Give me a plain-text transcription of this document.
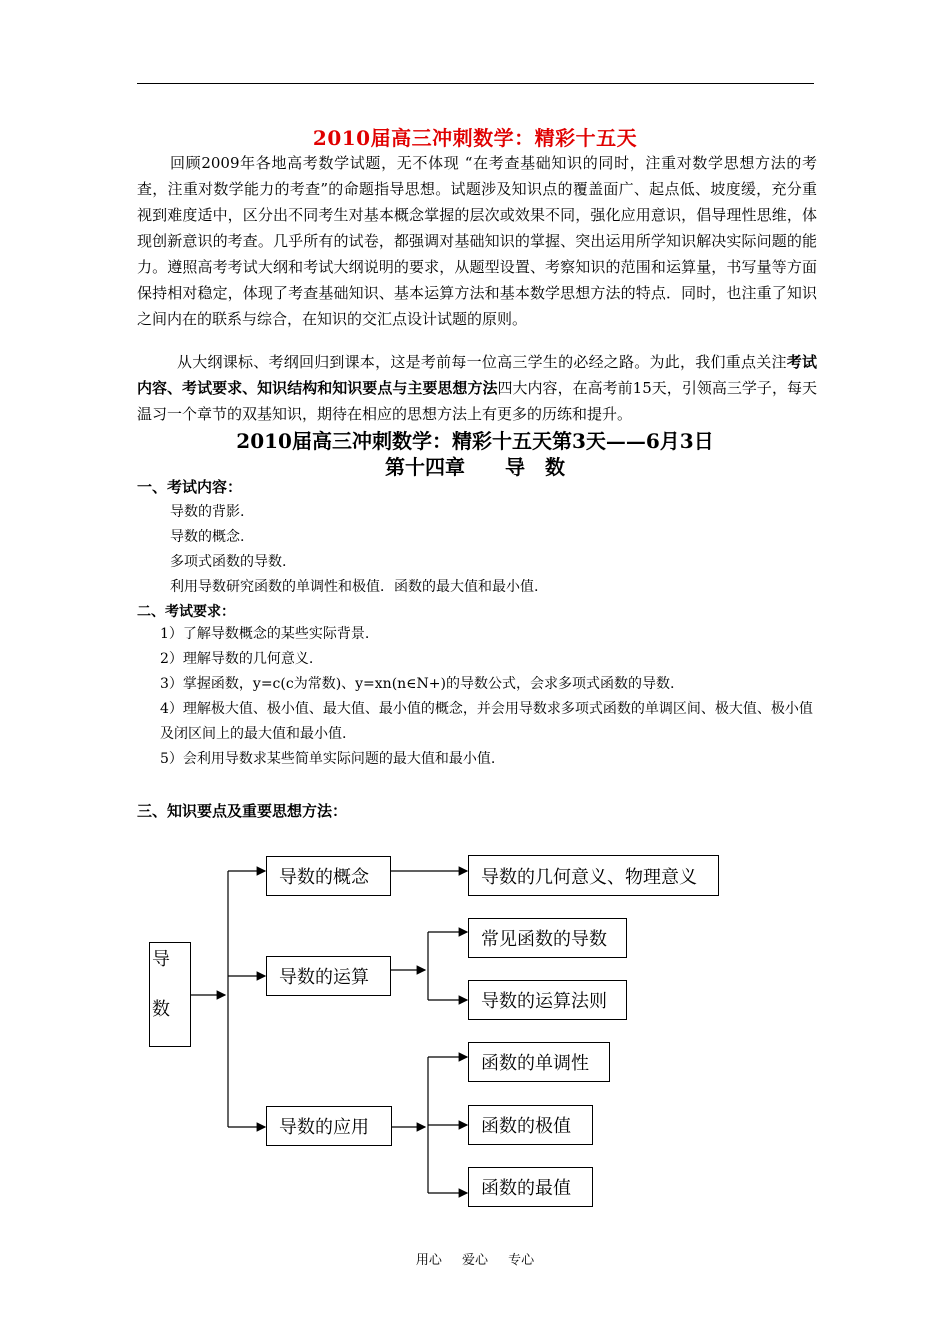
2010届高三冲刺数学：精彩十五天
回顾2009年各地高考数学试题，无不体现 “在考查基础知识的同时，注重对数学思想方法的考查，注重对数学能力的考查”的命题指导思想。试题涉及知识点的覆盖面广、起点低、坡度缓，充分重视到难度适中，区分出不同考生对基本概念掌握的层次或效果不同，强化应用意识，倡导理性思维，体现创新意识的考查。几乎所有的试卷，都强调对基础知识的掌握、突出运用所学知识解决实际问题的能力。遵照高考考试大纲和考试大纲说明的要求，从题型设置、考察知识的范围和运算量，书写量等方面保持相对稳定，体现了考查基础知识、基本运算方法和基本数学思想方法的特点．同时，也注重了知识之间内在的联系与综合，在知识的交汇点设计试题的原则。
从大纲课标、考纲回归到课本，这是考前每一位高三学生的必经之路。为此，我们重点关注考试内容、考试要求、知识结构和知识要点与主要思想方法四大内容，在高考前15天，引领高三学子，每天温习一个章节的双基知识，期待在相应的思想方法上有更多的历练和提升。
2010届高三冲刺数学：精彩十五天第3天——6月3日
第十四章　　导　数
一、考试内容：
导数的背影.
导数的概念.
多项式函数的导数.
利用导数研究函数的单调性和极值．函数的最大值和最小值.
二、考试要求：
1）了解导数概念的某些实际背景.
2）理解导数的几何意义.
3）掌握函数，y=c(c为常数)、y=xn(n∈N+)的导数公式，会求多项式函数的导数.
4）理解极大值、极小值、最大值、最小值的概念，并会用导数求多项式函数的单调区间、极大值、极小值及闭区间上的最大值和最小值.
5）会利用导数求某些简单实际问题的最大值和最小值.
三、知识要点及重要思想方法：
导
数
导数的概念	导数的几何意义、物理意义
导数的运算
常见函数的导数
导数的运算法则
导数的应用
函数的单调性
函数的极值
函数的最值
用心 爱心 专心
